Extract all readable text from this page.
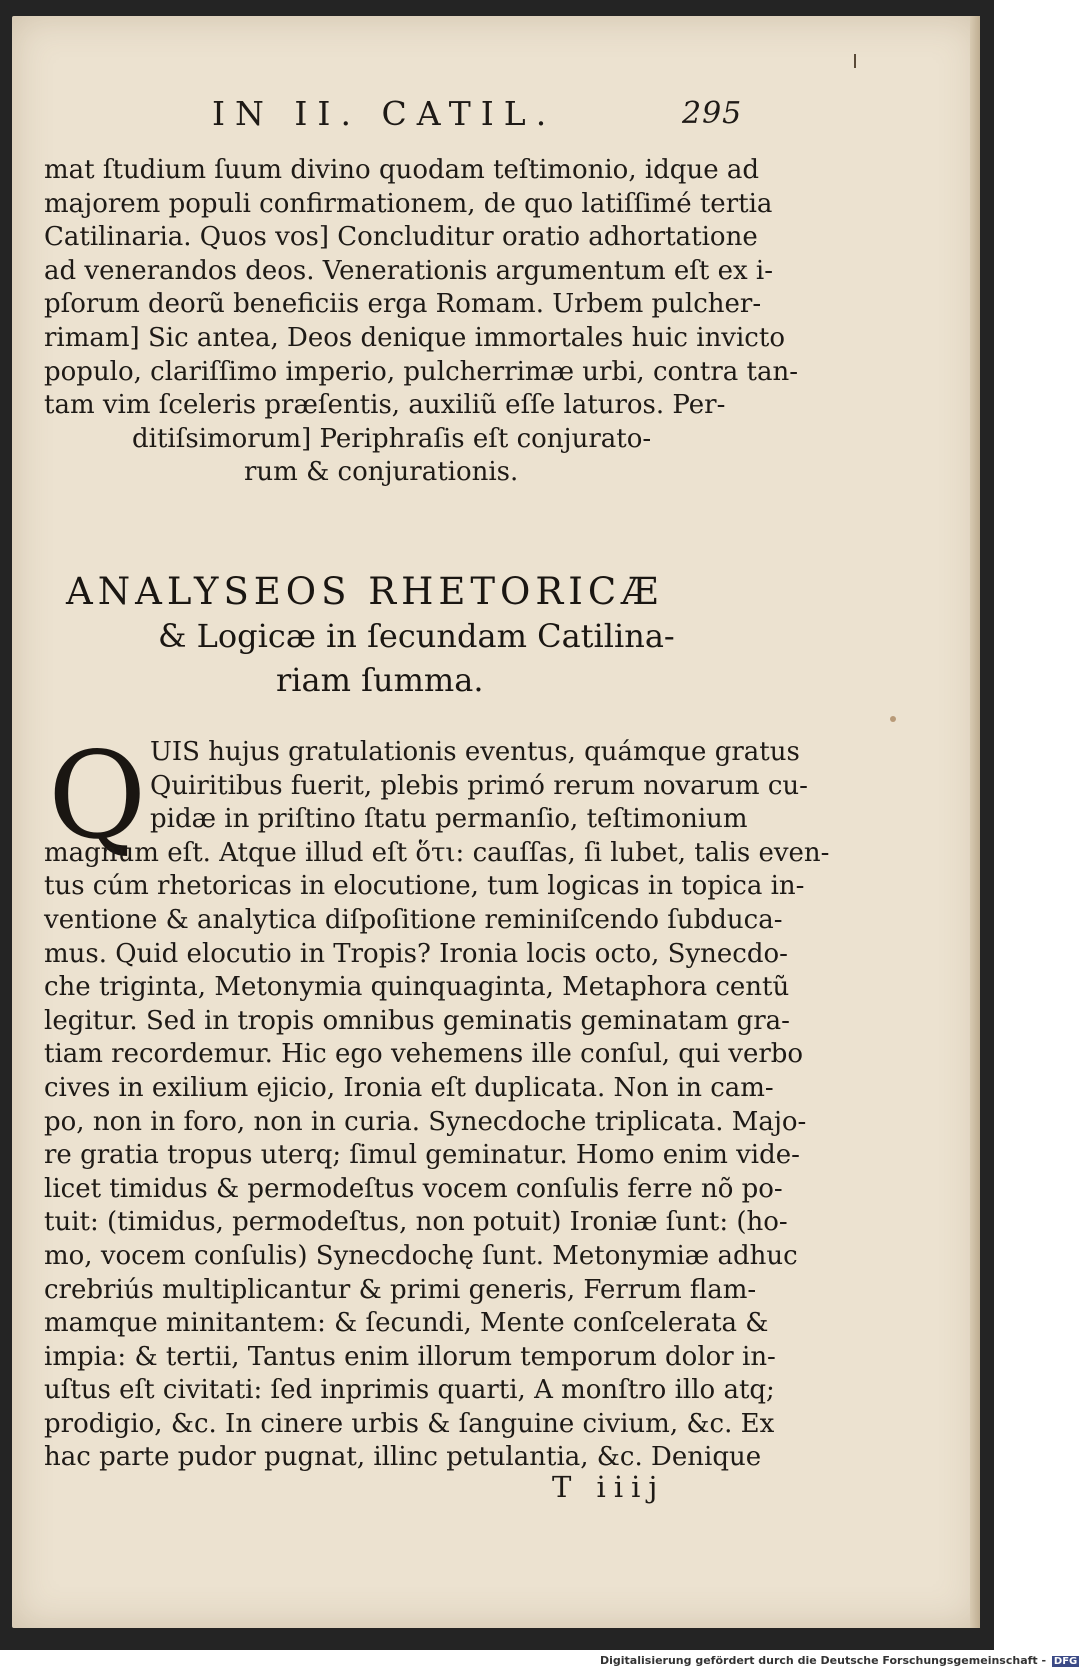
IN II. CATIL.	295
mat ſtudium ſuum divino quodam teſtimonio, idque ad
majorem populi confirmationem, de quo latiſſimé tertia
Catilinaria. Quos vos] Concluditur oratio adhortatione
ad venerandos deos. Venerationis argumentum eſt ex i-
pſorum deorũ beneficiis erga Romam. Urbem pulcher-
rimam] Sic antea, Deos denique immortales huic invicto
populo, clariſſimo imperio, pulcherrimæ urbi, contra tan-
tam vim ſceleris præſentis, auxiliũ eſſe laturos. Per-
ditiſsimorum] Periphraſis eſt conjurato-
rum & conjurationis.
ANALYSEOS RHETORICÆ
& Logicæ in ſecundam Catilina-
riam ſumma.
Q UIS hujus gratulationis eventus, quámque gratus
Quiritibus fuerit, plebis primó rerum novarum cu-
pidæ in priſtino ſtatu permanſio, teſtimonium
magnum eſt. Atque illud eſt ὅτι: cauſſas, ſi lubet, talis even-
tus cúm rhetoricas in elocutione, tum logicas in topica in-
ventione & analytica diſpoſitione reminiſcendo ſubduca-
mus. Quid elocutio in Tropis? Ironia locis octo, Synecdo-
che triginta, Metonymia quinquaginta, Metaphora centũ
legitur. Sed in tropis omnibus geminatis geminatam gra-
tiam recordemur. Hic ego vehemens ille conſul, qui verbo
cives in exilium ejicio, Ironia eſt duplicata. Non in cam-
po, non in foro, non in curia. Synecdoche triplicata. Majo-
re gratia tropus uterq; ſimul geminatur. Homo enim vide-
licet timidus & permodeſtus vocem conſulis ferre nõ po-
tuit: (timidus, permodeſtus, non potuit) Ironiæ ſunt: (ho-
mo, vocem conſulis) Synecdochę ſunt. Metonymiæ adhuc
crebriús multiplicantur & primi generis, Ferrum flam-
mamque minitantem: & ſecundi, Mente conſcelerata &
impia: & tertii, Tantus enim illorum temporum dolor in-
uſtus eſt civitati: ſed inprimis quarti, A monſtro illo atq;
prodigio, &c. In cinere urbis & ſanguine civium, &c. Ex
hac parte pudor pugnat, illinc petulantia, &c. Denique
T iiij
Digitalisierung gefördert durch die Deutsche Forschungsgemeinschaft - DFG
